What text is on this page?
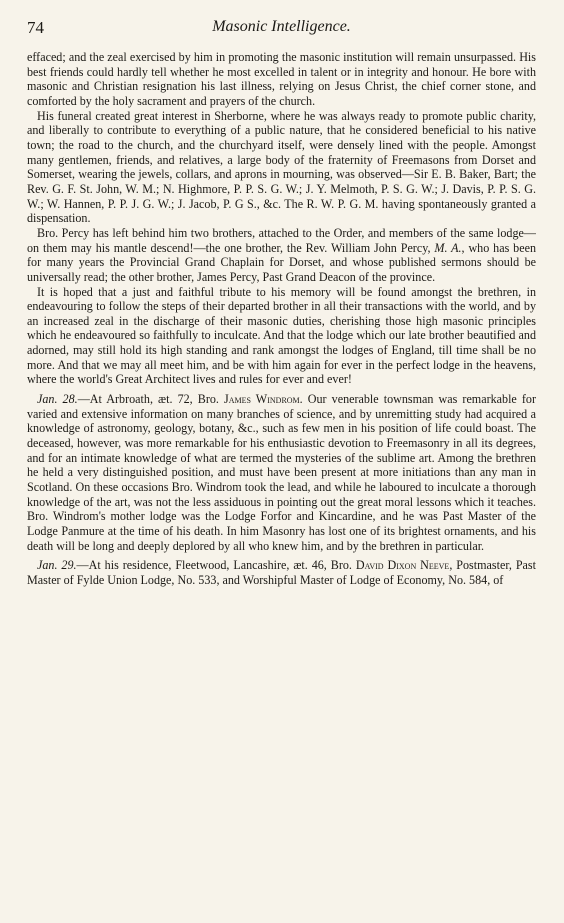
74	Masonic Intelligence.

effaced; and the zeal exercised by him in promoting the masonic institution will remain unsurpassed. His best friends could hardly tell whether he most excelled in talent or in integrity and honour. He bore with masonic and Christian resignation his last illness, relying on Jesus Christ, the chief corner stone, and comforted by the holy sacrament and prayers of the church.

His funeral created great interest in Sherborne, where he was always ready to promote public charity, and liberally to contribute to everything of a public nature, that he considered beneficial to his native town; the road to the church, and the churchyard itself, were densely lined with the people. Amongst many gentlemen, friends, and relatives, a large body of the fraternity of Freemasons from Dorset and Somerset, wearing the jewels, collars, and aprons in mourning, was observed—Sir E. B. Baker, Bart; the Rev. G. F. St. John, W. M.; N. Highmore, P. P. S. G. W.; J. Y. Melmoth, P. S. G. W.; J. Davis, P. P. S. G. W.; W. Hannen, P. P. J. G. W.; J. Jacob, P. G S., &c. The R. W. P. G. M. having spontaneously granted a dispensation.

Bro. Percy has left behind him two brothers, attached to the Order, and members of the same lodge—on them may his mantle descend!—the one brother, the Rev. William John Percy, M. A., who has been for many years the Provincial Grand Chaplain for Dorset, and whose published sermons should be universally read; the other brother, James Percy, Past Grand Deacon of the province.

It is hoped that a just and faithful tribute to his memory will be found amongst the brethren, in endeavouring to follow the steps of their departed brother in all their transactions with the world, and by an increased zeal in the discharge of their masonic duties, cherishing those high masonic principles which he endeavoured so faithfully to inculcate. And that the lodge which our late brother beautified and adorned, may still hold its high standing and rank amongst the lodges of England, till time shall be no more. And that we may all meet him, and be with him again for ever in the perfect lodge in the heavens, where the world's Great Architect lives and rules for ever and ever!

Jan. 28.—At Arbroath, æt. 72, Bro. James Windrom. Our venerable townsman was remarkable for varied and extensive information on many branches of science, and by unremitting study had acquired a knowledge of astronomy, geology, botany, &c., such as few men in his position of life could boast. The deceased, however, was more remarkable for his enthusiastic devotion to Freemasonry in all its degrees, and for an intimate knowledge of what are termed the mysteries of the sublime art. Among the brethren he held a very distinguished position, and must have been present at more initiations than any man in Scotland. On these occasions Bro. Windrom took the lead, and while he laboured to inculcate a thorough knowledge of the art, was not the less assiduous in pointing out the great moral lessons which it teaches. Bro. Windrom's mother lodge was the Lodge Forfor and Kincardine, and he was Past Master of the Lodge Panmure at the time of his death. In him Masonry has lost one of its brightest ornaments, and his death will be long and deeply deplored by all who knew him, and by the brethren in particular.

Jan. 29.—At his residence, Fleetwood, Lancashire, æt. 46, Bro. David Dixon Neeve, Postmaster, Past Master of Fylde Union Lodge, No. 533, and Worshipful Master of Lodge of Economy, No. 584, of
